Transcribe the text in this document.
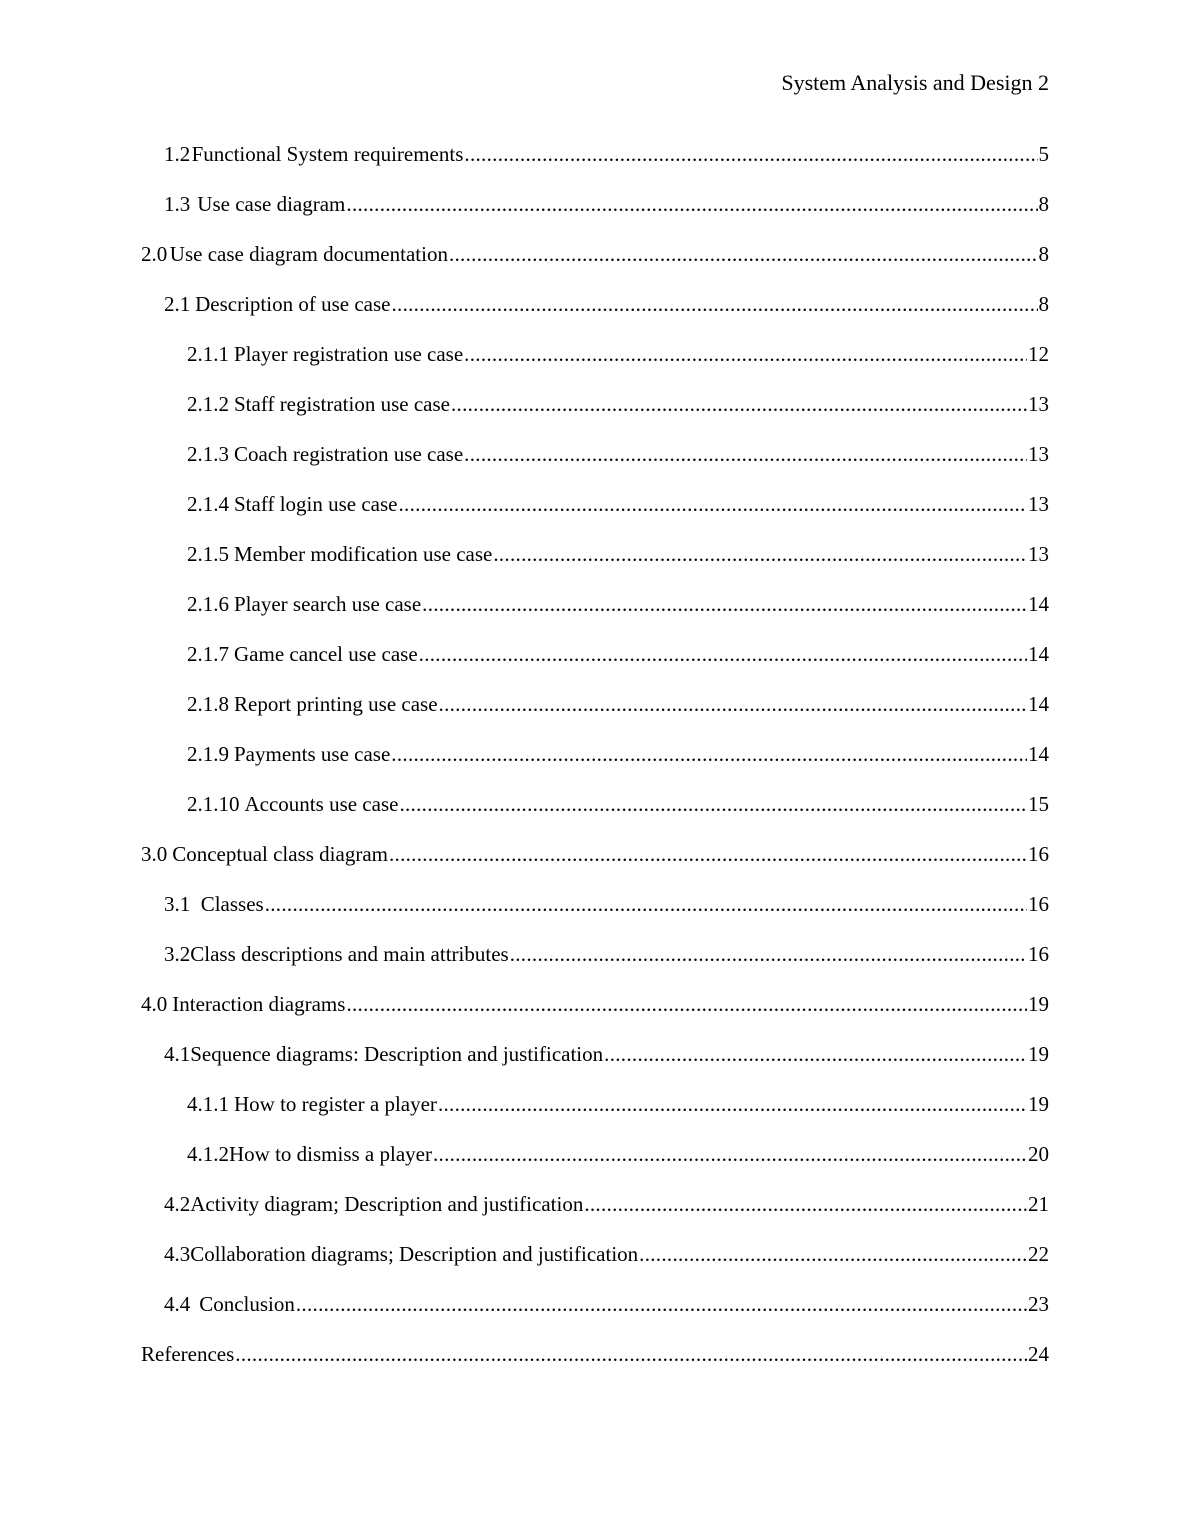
System Analysis and Design 2
1.2 Functional System requirements .....	5
1.3 Use case diagram .....	8
2.0 Use case diagram documentation .....	8
2.1 Description of use case .....	8
2.1.1 Player registration use case .....	12
2.1.2 Staff registration use case .....	13
2.1.3 Coach registration use case .....	13
2.1.4 Staff login use case .....	13
2.1.5 Member modification use case .....	13
2.1.6 Player search use case .....	14
2.1.7 Game cancel use case .....	14
2.1.8 Report printing use case .....	14
2.1.9 Payments use case .....	14
2.1.10 Accounts use case .....	15
3.0 Conceptual class diagram .....	16
3.1 Classes .....	16
3.2 Class descriptions and main attributes .....	16
4.0 Interaction diagrams .....	19
4.1 Sequence diagrams: Description and justification .....	19
4.1.1 How to register a player .....	19
4.1.2How to dismiss a player .....	20
4.2 Activity diagram; Description and justification .....	21
4.3 Collaboration diagrams; Description and justification .....	22
4.4 Conclusion .....	23
References .....	24
